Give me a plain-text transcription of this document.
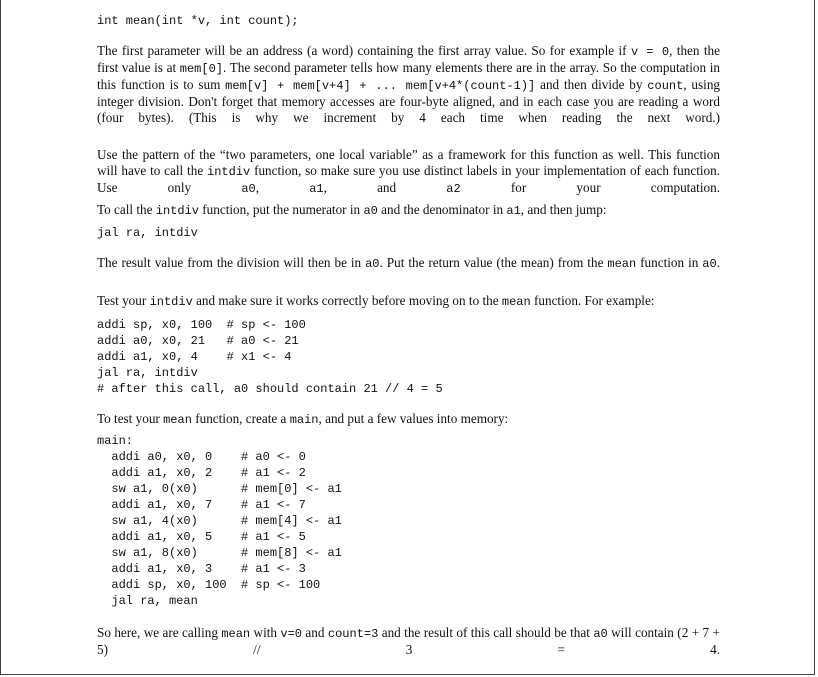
int mean(int *v, int count);
The first parameter will be an address (a word) containing the first array value. So for example if v = 0, then the first value is at mem[0]. The second parameter tells how many elements there are in the array. So the computation in this function is to sum mem[v] + mem[v+4] + ... mem[v+4*(count-1)] and then divide by count, using integer division. Don't forget that memory accesses are four-byte aligned, and in each case you are reading a word (four bytes). (This is why we increment by 4 each time when reading the next word.)
Use the pattern of the “two parameters, one local variable” as a framework for this function as well. This function will have to call the intdiv function, so make sure you use distinct labels in your implementation of each function. Use only a0, a1, and a2 for your computation.
To call the intdiv function, put the numerator in a0 and the denominator in a1, and then jump:
jal ra, intdiv
The result value from the division will then be in a0. Put the return value (the mean) from the mean function in a0.
Test your intdiv and make sure it works correctly before moving on to the mean function. For example:
addi sp, x0, 100  # sp <- 100
addi a0, x0, 21   # a0 <- 21
addi a1, x0, 4    # x1 <- 4
jal ra, intdiv
# after this call, a0 should contain 21 // 4 = 5
To test your mean function, create a main, and put a few values into memory:
main:
addi a0, x0, 0    # a0 <- 0
addi a1, x0, 2    # a1 <- 2
sw a1, 0(x0)      # mem[0] <- a1
addi a1, x0, 7    # a1 <- 7
sw a1, 4(x0)      # mem[4] <- a1
addi a1, x0, 5    # a1 <- 5
sw a1, 8(x0)      # mem[8] <- a1
addi a1, x0, 3    # a1 <- 3
addi sp, x0, 100  # sp <- 100
jal ra, mean
So here, we are calling mean with v=0 and count=3 and the result of this call should be that a0 will contain (2 + 7 + 5) // 3 = 4.
